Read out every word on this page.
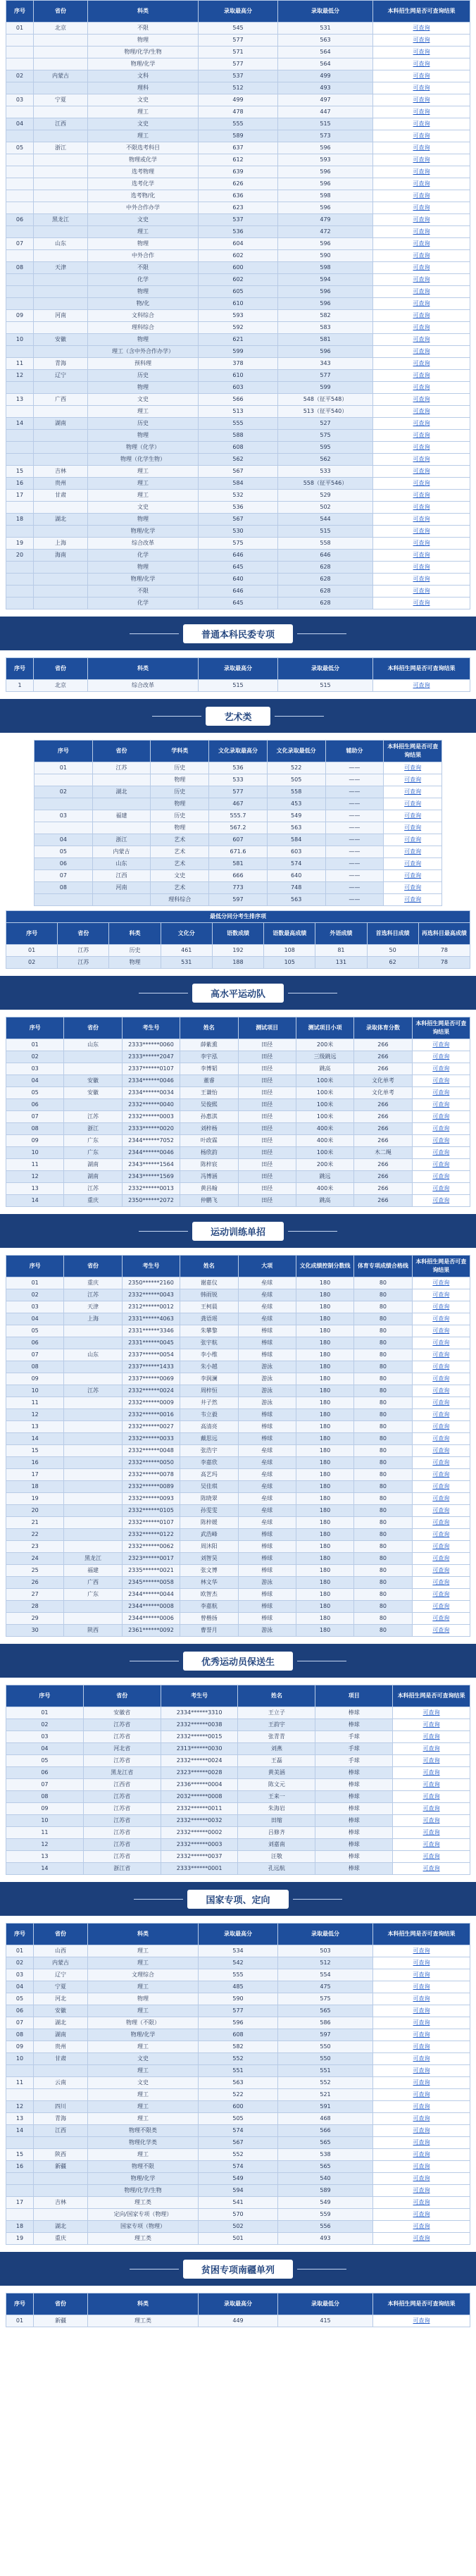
序号	省份	科类	录取最高分	录取最低分	本科招生网是否可查询结果
01	北京	不限	545	531	可查询
		物理	577	563	可查询
		物理/化学/生物	571	564	可查询
		物理/化学	577	564	可查询
02	内蒙古	文科	537	499	可查询
		理科	512	493	可查询
03	宁夏	文史	499	497	可查询
		理工	478	447	可查询
04	江西	文史	555	515	可查询
		理工	589	573	可查询
05	浙江	不限选考科目	637	596	可查询
		物理或化学	612	593	可查询
		选考物理	639	596	可查询
		选考化学	626	596	可查询
		选考物/化	636	598	可查询
		中外合作办学	623	596	可查询
06	黑龙江	文史	537	479	可查询
		理工	536	472	可查询
07	山东	物理	604	596	可查询
		中外合作	602	590	可查询
08	天津	不限	600	598	可查询
		化学	602	594	可查询
		物理	605	596	可查询
		物/化	610	596	可查询
09	河南	文科综合	593	582	可查询
		理科综合	592	583	可查询
10	安徽	物理	621	581	可查询
		理工（含中外合作办学）	599	596	可查询
11	青海	预科理	378	343	可查询
12	辽宁	历史	610	577	可查询
		物理	603	599	可查询
13	广西	文史	566	548（征平548）	可查询
		理工	513	513（征平540）	可查询
14	湖南	历史	555	527	可查询
		物理	588	575	可查询
		物理（化学）	608	595	可查询
		物理（化学生物）	562	562	可查询
15	吉林	理工	567	533	可查询
16	贵州	理工	584	558（征平546）	可查询
17	甘肃	理工	532	529	可查询
		文史	536	502	可查询
18	湖北	物理	567	544	可查询
		物理/化学	530	515	可查询
19	上海	综合改革	575	558	可查询
20	海南	化学	646	646	可查询
		物理	645	628	可查询
		物理/化学	640	628	可查询
		不限	646	628	可查询
		化学	645	628	可查询
普通本科民委专项
序号	省份	科类	录取最高分	录取最低分	本科招生网是否可查询结果
1	北京	综合改革	515	515	可查询
艺术类
序号	省份	学科类	文化录取最高分	文化录取最低分	辅助分	本科招生网是否可查询结果
01	江苏	历史	536	522	——	可查询
		物理	533	505	——	可查询
02	湖北	历史	577	558	——	可查询
		物理	467	453	——	可查询
03	福建	历史	555.7	549	——	可查询
		物理	567.2	563	——	可查询
04	浙江	艺术	607	584	——	可查询
05	内蒙古	艺术	671.6	603	——	可查询
06	山东	艺术	581	574	——	可查询
07	江西	文史	666	640	——	可查询
08	河南	艺术	773	748	——	可查询
		理科综合	597	563	——	可查询
最低分同分考生排序项								
序号	省份	科类	文化分	语数成绩	语数最高成绩	外语成绩	首选科目成绩	再选科目最高成绩
01	江苏	历史	461	192	108	81	50	78
02	江苏	物理	531	188	105	131	62	78
高水平运动队
序号	省份	考生号	姓名	测试项目	测试项目小项	录取体育分数	本科招生网是否可查询结果
01	山东	2333******0060	薛紫熏	田径	200米	266	可查询
02		2333******2047	李宇泓	田径	三级跳远	266	可查询
03		2337******0107	李博韬	田径	跳高	266	可查询
04	安徽	2334******0046	董睿	田径	100米	文化单考	可查询
05	安徽	2334******0034	王谦怡	田径	100米	文化单考	可查询
06		2332******0040	吴俊熙	田径	100米	266	可查询
07	江苏	2332******0003	孙惠淇	田径	100米	266	可查询
08	浙江	2333******0020	刘梓杨	田径	400米	266	可查询
09	广东	2344******7052	叶政霖	田径	400米	266	可查询
10	广东	2344******0046	杨欣韵	田径	100米	木二绳	可查询
11	湖南	2343******1564	陈梓宸	田径	200米	266	可查询
12	湖南	2343******1569	冯博涵	田径	跳远	266	可查询
13	江苏	2332******0013	黄昌翰	田径	400米	266	可查询
14	重庆	2350******2072	仲鹏飞	田径	跳高	266	可查询
运动训练单招
序号	省份	考生号	姓名	大项	文化成绩控制分数线	体育专项成绩合格线	本科招生网是否可查询结果
01	重庆	2350******2160	谢嘉仪	垒球	180	80	可查询
02	江苏	2332******0043	韩雨锐	垒球	180	80	可查询
03	天津	2312******0012	王柯晨	垒球	180	80	可查询
04	上海	2331******4063	龚语瑶	垒球	180	80	可查询
05		2331******3346	朱攀黎	棒球	180	80	可查询
06		2331******0045	张宇航	棒球	180	80	可查询
07	山东	2337******0054	李小维	棒球	180	80	可查询
08		2337******1433	朱小越	游泳	180	80	可查询
09		2337******0069	李润澜	游泳	180	80	可查询
10	江苏	2332******0024	周梓恒	游泳	180	80	可查询
11		2332******0009	井子然	游泳	180	80	可查询
12		2332******0016	韦立毅	棒球	180	80	可查询
13		2332******0027	高清亮	棒球	180	80	可查询
14		2332******0033	戴思远	棒球	180	80	可查询
15		2332******0048	张浩宇	垒球	180	80	可查询
16		2332******0050	李嘉欣	垒球	180	80	可查询
17		2332******0078	高艺玛	垒球	180	80	可查询
18		2332******0089	吴佳琪	垒球	180	80	可查询
19		2332******0093	陈晓翠	垒球	180	80	可查询
20		2332******0105	孙雯雯	垒球	180	80	可查询
21		2332******0107	陈梓媛	垒球	180	80	可查询
22		2332******0122	武浩峰	棒球	180	80	可查询
23		2332******0062	周沐阳	棒球	180	80	可查询
24	黑龙江	2323******0017	刘智昊	棒球	180	80	可查询
25	福建	2335******0021	张文博	棒球	180	80	可查询
26	广西	2345******0058	林文华	游泳	180	80	可查询
27	广东	2344******0044	欧智杰	棒球	180	80	可查询
28		2344******0008	李嘉航	棒球	180	80	可查询
29		2344******0006	曾楷扬	棒球	180	80	可查询
30	陕西	2361******0092	曹誉月	游泳	180	80	可查询
优秀运动员保送生
序号	省份	考生号	姓名	项目	本科招生网是否可查询结果
01	安徽省	2334******3310	王立子	棒球	可查询
02	江苏省	2332******0038	王韵宇	棒球	可查询
03	江苏省	2332******0015	张青青	手球	可查询
04	河北省	2313******0030	刘燕	手球	可查询
05	江苏省	2332******0024	王磊	手球	可查询
06	黑龙江省	2323******0028	黄美涵	棒球	可查询
07	江西省	2336******0004	陈文元	棒球	可查询
08	江苏省	2032******0008	王来一	棒球	可查询
09	江苏省	2332******0011	朱海岩	棒球	可查询
10	江苏省	2332******0032	田缩	棒球	可查询
11	江苏省	2332******0002	吕修齐	棒球	可查询
12	江苏省	2332******0003	刘嘉南	棒球	可查询
13	江苏省	2332******0037	汪敬	棒球	可查询
14	浙江省	2333******0001	孔远航	棒球	可查询
国家专项、定向
序号	省份	科类	录取最高分	录取最低分	本科招生网是否可查询结果
01	山西	理工	534	503	可查询
02	内蒙古	理工	542	512	可查询
03	辽宁	文理综合	555	554	可查询
04	宁夏	理工	485	475	可查询
05	河北	物理	590	575	可查询
06	安徽	理工	577	565	可查询
07	湖北	物理（不限）	596	586	可查询
08	湖南	物理/化学	608	597	可查询
09	贵州	理工	582	550	可查询
10	甘肃	文史	552	550	可查询
		理工	551	551	可查询
11	云南	文史	563	552	可查询
		理工	522	521	可查询
12	四川	理工	600	591	可查询
13	青海	理工	505	468	可查询
14	江西	物理不限类	574	566	可查询
		物理化学类	567	565	可查询
15	陕西	理工	552	538	可查询
16	新疆	物理不限	574	565	可查询
		物理/化学	549	540	可查询
		物理/化学/生物	594	589	可查询
17	吉林	理工类	541	549	可查询
		定向/国家专项（物理）	570	559	可查询
18	湖北	国家专项（物理）	502	556	可查询
19	重庆	理工类	501	493	可查询
贫困专项南疆单列
序号	省份	科类	录取最高分	录取最低分	本科招生网是否可查询结果
01	新疆	理工类	449	415	可查询
